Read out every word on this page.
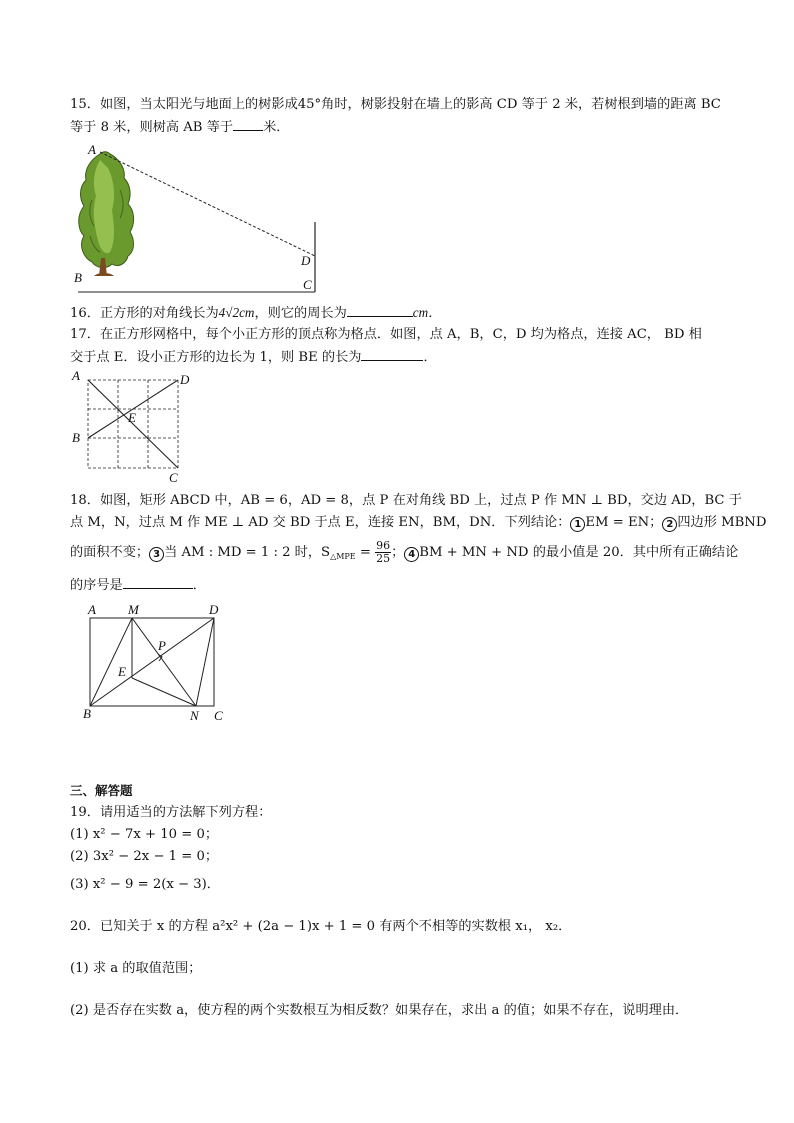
15．如图，当太阳光与地面上的树影成45°角时，树影投射在墙上的影高 CD 等于 2 米，若树根到墙的距离 BC
等于 8 米，则树高 AB 等于 米．
A
B
D
C
16．正方形的对角线长为4√2cm，则它的周长为	cm．
17．在正方形网格中，每个小正方形的顶点称为格点．如图，点 A，B，C，D 均为格点，连接 AC， BD 相
交于点 E．设小正方形的边长为 1，则 BE 的长为	．
A	D
B
E
C
18．如图，矩形 ABCD 中，AB = 6，AD = 8，点 P 在对角线 BD 上，过点 P 作 MN ⊥ BD，交边 AD，BC 于
点 M，N，过点 M 作 ME ⊥ AD 交 BD 于点 E，连接 EN，BM，DN．下列结论： 1 EM = EN； 2 四边形 MBND
的面积不变； 3 当 AM : MD = 1 : 2 时，$S_{\triangle MPE} = \frac{96}{25}$ ； 4 BM + MN + ND 的最小值是 20．其中所有正确结论
的序号是	．
A M	D
P
E
B	N C
三、解答题
19．请用适当的方法解下列方程：
(1) x² − 7x + 10 = 0；
(2) 3x² − 2x − 1 = 0；
(3) x² − 9 = 2(x − 3)．
20．已知关于 x 的方程 a²x² + (2a − 1)x + 1 = 0 有两个不相等的实数根 x₁， x₂．
(1) 求 a 的取值范围；
(2) 是否存在实数 a，使方程的两个实数根互为相反数？如果存在，求出 a 的值；如果不存在，说明理由．
